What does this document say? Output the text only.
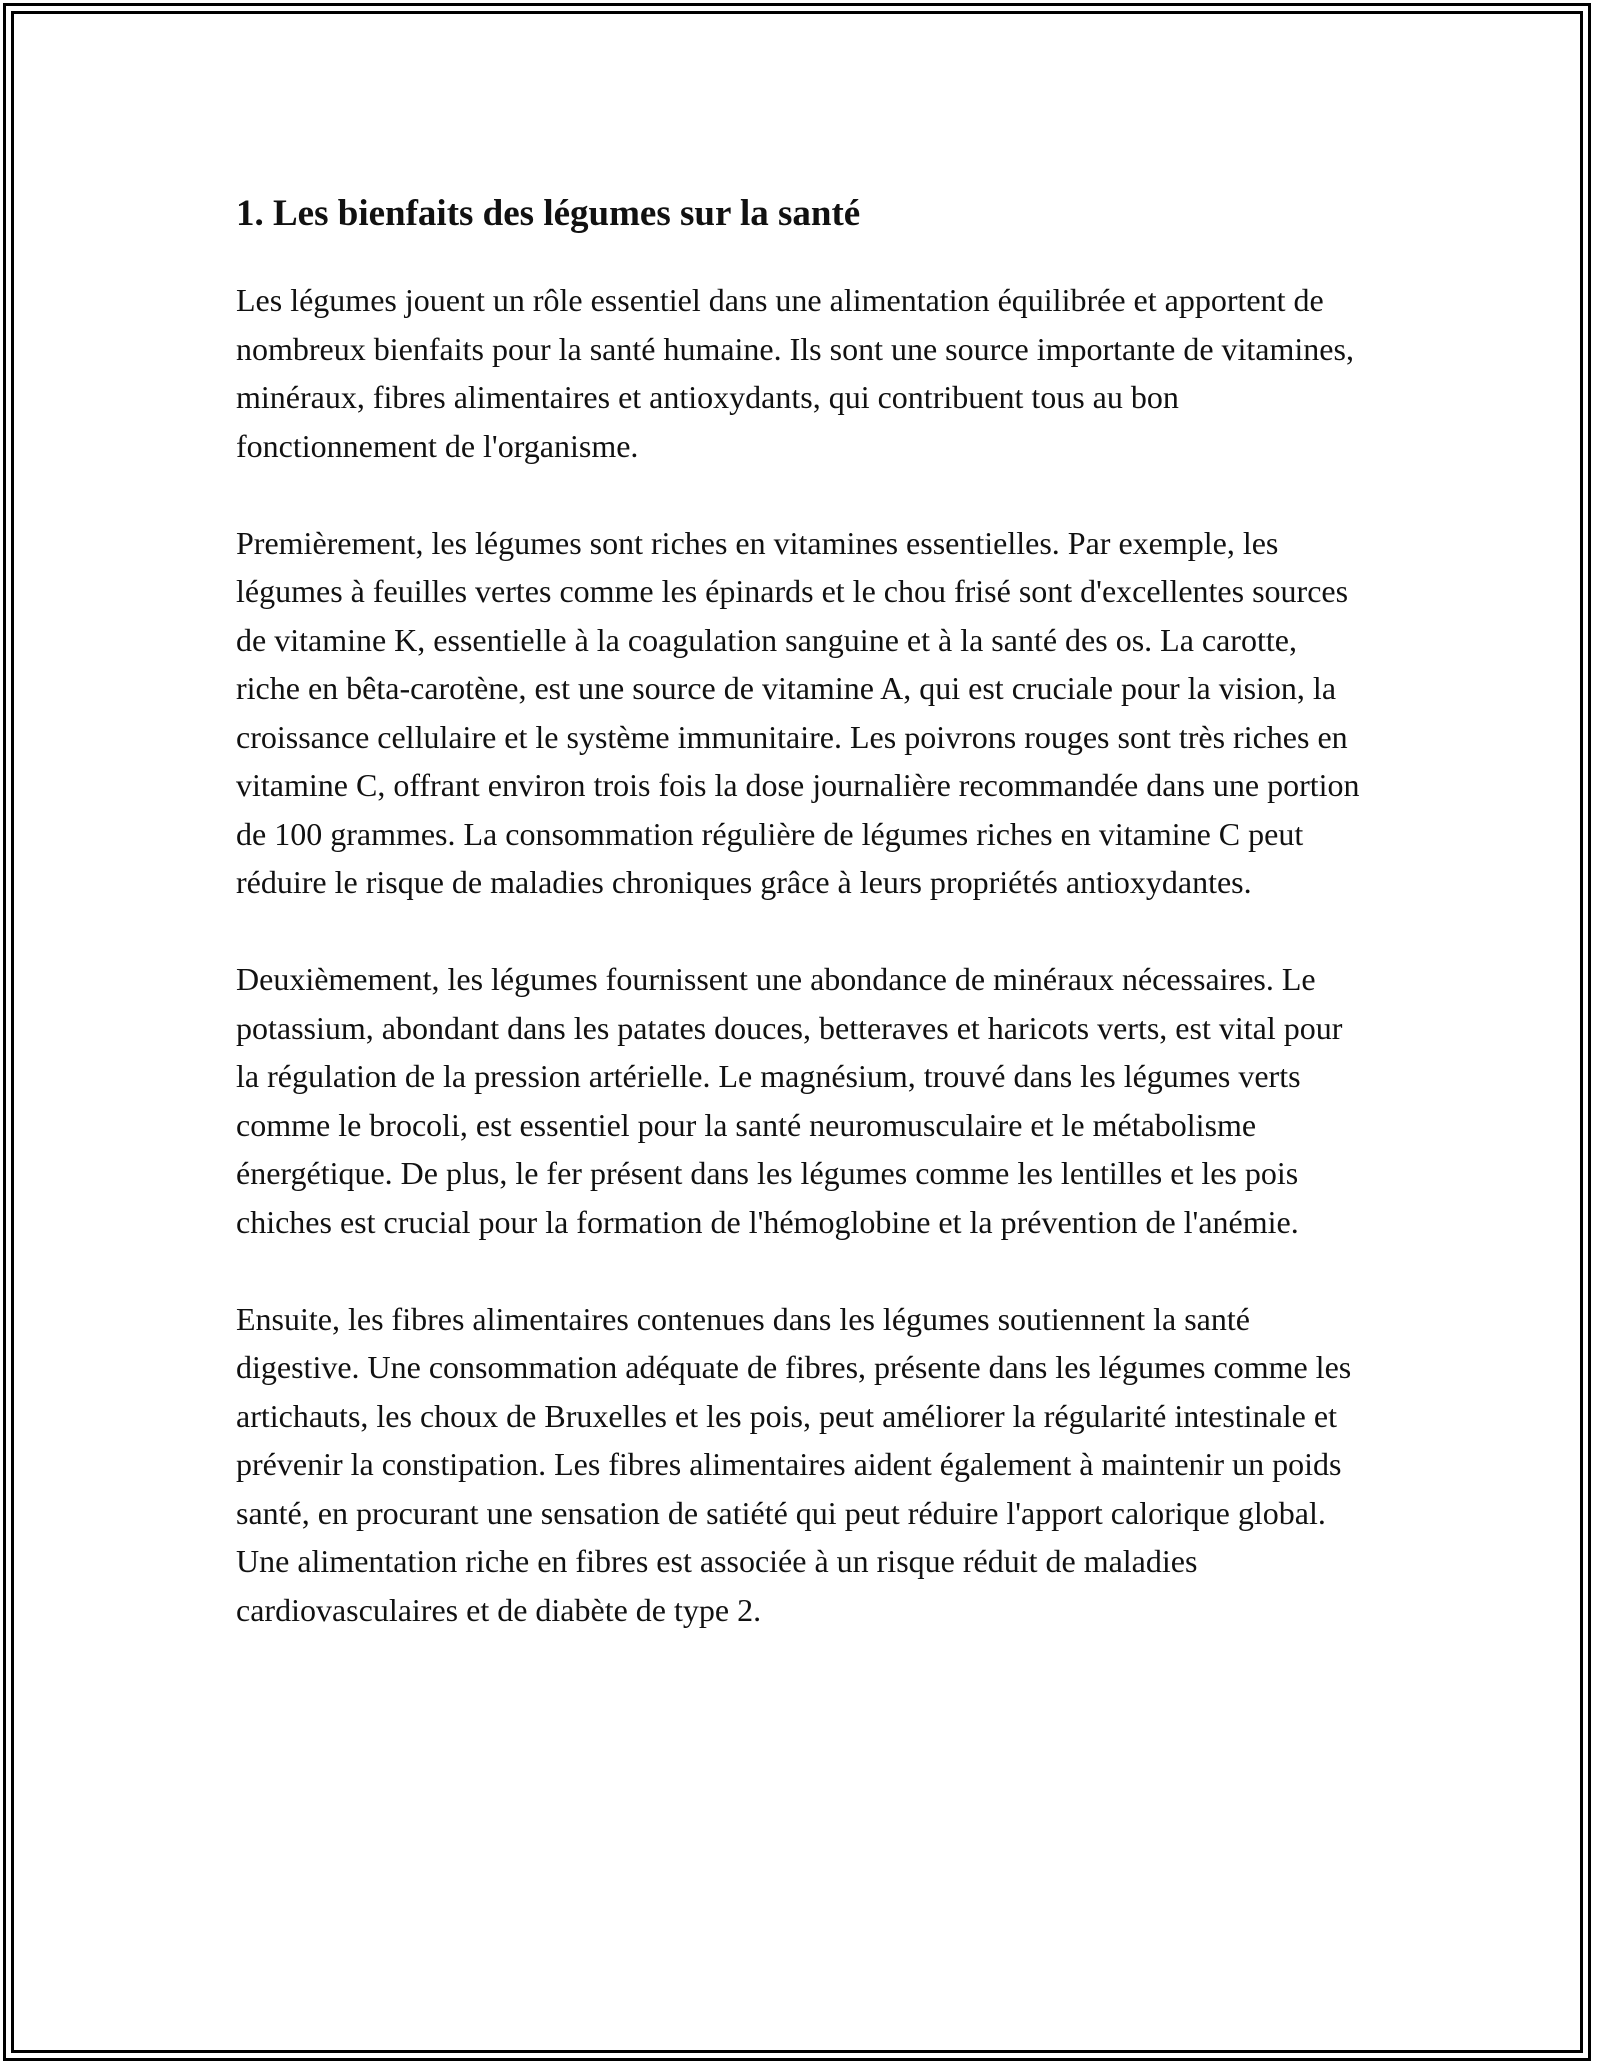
1. Les bienfaits des légumes sur la santé

Les légumes jouent un rôle essentiel dans une alimentation équilibrée et apportent de nombreux bienfaits pour la santé humaine. Ils sont une source importante de vitamines, minéraux, fibres alimentaires et antioxydants, qui contribuent tous au bon fonctionnement de l'organisme.

Premièrement, les légumes sont riches en vitamines essentielles. Par exemple, les légumes à feuilles vertes comme les épinards et le chou frisé sont d'excellentes sources de vitamine K, essentielle à la coagulation sanguine et à la santé des os. La carotte, riche en bêta-carotène, est une source de vitamine A, qui est cruciale pour la vision, la croissance cellulaire et le système immunitaire. Les poivrons rouges sont très riches en vitamine C, offrant environ trois fois la dose journalière recommandée dans une portion de 100 grammes. La consommation régulière de légumes riches en vitamine C peut réduire le risque de maladies chroniques grâce à leurs propriétés antioxydantes.

Deuxièmement, les légumes fournissent une abondance de minéraux nécessaires. Le potassium, abondant dans les patates douces, betteraves et haricots verts, est vital pour la régulation de la pression artérielle. Le magnésium, trouvé dans les légumes verts comme le brocoli, est essentiel pour la santé neuromusculaire et le métabolisme énergétique. De plus, le fer présent dans les légumes comme les lentilles et les pois chiches est crucial pour la formation de l'hémoglobine et la prévention de l'anémie.

Ensuite, les fibres alimentaires contenues dans les légumes soutiennent la santé digestive. Une consommation adéquate de fibres, présente dans les légumes comme les artichauts, les choux de Bruxelles et les pois, peut améliorer la régularité intestinale et prévenir la constipation. Les fibres alimentaires aident également à maintenir un poids santé, en procurant une sensation de satiété qui peut réduire l'apport calorique global. Une alimentation riche en fibres est associée à un risque réduit de maladies cardiovasculaires et de diabète de type 2.
